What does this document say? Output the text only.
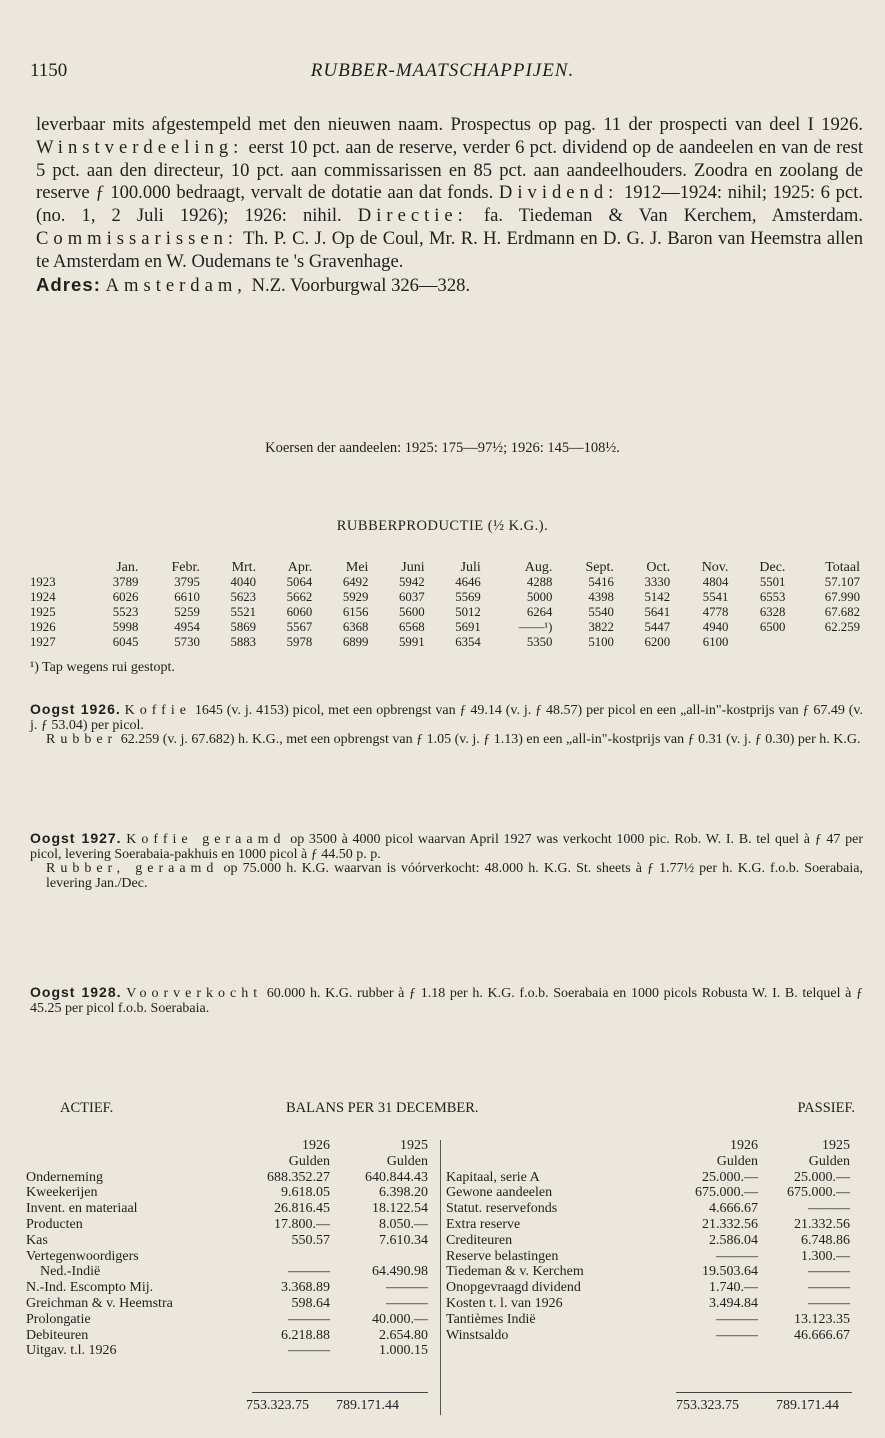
1150	RUBBER-MAATSCHAPPIJEN.

leverbaar mits afgestempeld met den nieuwen naam. Prospectus op pag. 11 der prospecti van deel I 1926. Winstverdeeling: eerst 10 pct. aan de reserve, verder 6 pct. dividend op de aandeelen en van de rest 5 pct. aan den directeur, 10 pct. aan commissarissen en 85 pct. aan aandeelhouders. Zoodra en zoolang de reserve ƒ 100.000 bedraagt, vervalt de dotatie aan dat fonds. Dividend: 1912—1924: nihil; 1925: 6 pct. (no. 1, 2 Juli 1926); 1926: nihil. Directie: fa. Tiedeman & Van Kerchem, Amsterdam. Commissarissen: Th. P. C. J. Op de Coul, Mr. R. H. Erdmann en D. G. J. Baron van Heemstra allen te Amsterdam en W. Oudemans te 's Gravenhage.

Adres: Amsterdam, N.Z. Voorburgwal 326—328.

Koersen der aandeelen: 1925: 175—97½; 1926: 145—108½.
RUBBERPRODUCTIE (½ K.G.).
	Jan.	Febr.	Mrt.	Apr.	Mei	Juni	Juli	Aug.	Sept.	Oct.	Nov.	Dec.	Totaal
1923	3789	3795	4040	5064	6492	5942	4646	4288	5416	3330	4804	5501	57.107
1924	6026	6610	5623	5662	5929	6037	5569	5000	4398	5142	5541	6553	67.990
1925	5523	5259	5521	6060	6156	5600	5012	6264	5540	5641	4778	6328	67.682
1926	5998	4954	5869	5567	6368	6568	5691	——¹)	3822	5447	4940	6500	62.259
1927	6045	5730	5883	5978	6899	5991	6354	5350	5100	6200	6100		
¹) Tap wegens rui gestopt.

Oogst 1926. Koffie 1645 (v. j. 4153) picol, met een opbrengst van ƒ 49.14 (v. j. ƒ 48.57) per picol en een „all-in"-kostprijs van ƒ 67.49 (v. j. ƒ 53.04) per picol.

Rubber 62.259 (v. j. 67.682) h. K.G., met een opbrengst van ƒ 1.05 (v. j. ƒ 1.13) en een „all-in"-kostprijs van ƒ 0.31 (v. j. ƒ 0.30) per h. K.G.

Oogst 1927. Koffie geraamd op 3500 à 4000 picol waarvan April 1927 was verkocht 1000 pic. Rob. W. I. B. tel quel à ƒ 47 per picol, levering Soerabaia-pakhuis en 1000 picol à ƒ 44.50 p. p.

Rubber, geraamd op 75.000 h. K.G. waarvan is vóórverkocht: 48.000 h. K.G. St. sheets à ƒ 1.77½ per h. K.G. f.o.b. Soerabaia, levering Jan./Dec.

Oogst 1928. Voorverkocht 60.000 h. K.G. rubber à ƒ 1.18 per h. K.G. f.o.b. Soerabaia en 1000 picols Robusta W. I. B. telquel à ƒ 45.25 per picol f.o.b. Soerabaia.

ACTIEF.	BALANS PER 31 DECEMBER.	PASSIEF.
	1926	1925
	Gulden	Gulden
Onderneming	688.352.27	640.844.43
Kweekerijen	9.618.05	6.398.20
Invent. en materiaal	26.816.45	18.122.54
Producten	17.800.—	8.050.—
Kas	550.57	7.610.34
Vertegenwoordigers		
Ned.-Indië	———	64.490.98
N.-Ind. Escompto Mij.	3.368.89	———
Greichman & v. Heemstra	598.64	———
Prolongatie	———	40.000.—
Debiteuren	6.218.88	2.654.80
Uitgav. t.l. 1926	———	1.000.15
	1926	1925
	Gulden	Gulden
Kapitaal, serie A	25.000.—	25.000.—
Gewone aandeelen	675.000.—	675.000.—
Statut. reservefonds	4.666.67	———
Extra reserve	21.332.56	21.332.56
Crediteuren	2.586.04	6.748.86
Reserve belastingen	———	1.300.—
Tiedeman & v. Kerchem	19.503.64	———
Onopgevraagd dividend	1.740.—	———
Kosten t. l. van 1926	3.494.84	———
Tantièmes Indië	———	13.123.35
Winstsaldo	———	46.666.67
753.323.75 789.171.44	753.323.75	789.171.44
